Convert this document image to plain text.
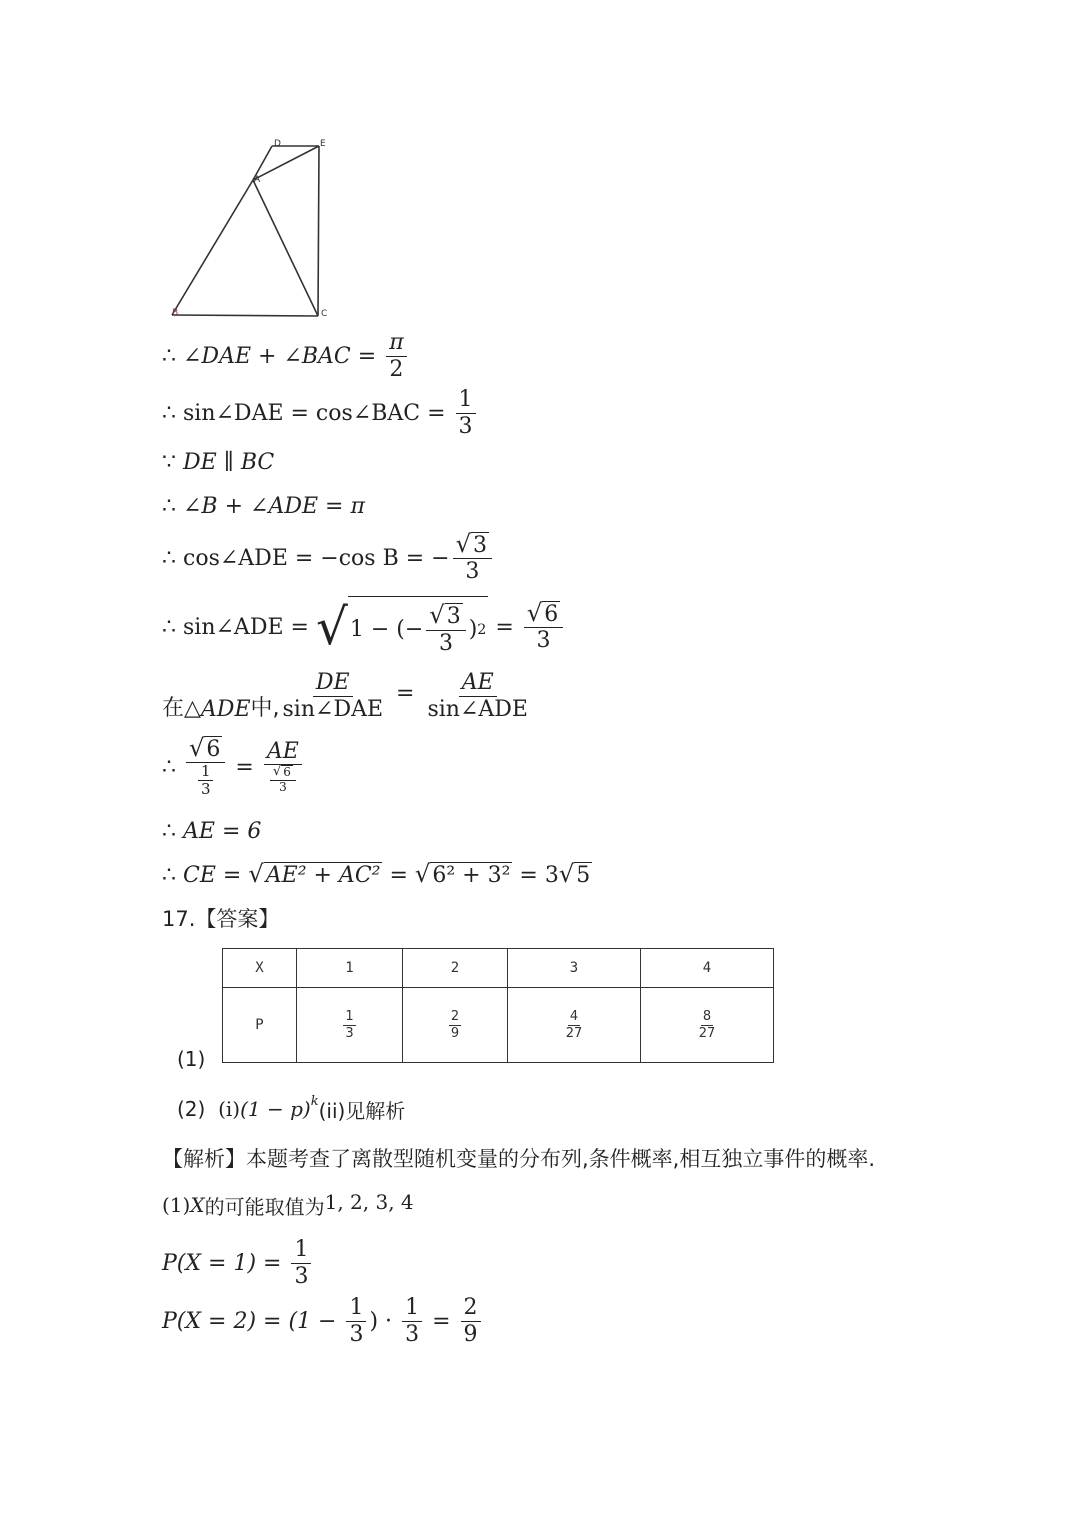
D	E
A
B	C
∴
∠DAE + ∠BAC =
$\frac{\pi}{2}$
∴
sin∠DAE = cos∠BAC =
$\frac{1}{3}$
∵
DE ∥ BC
∴
∠B + ∠ADE = π
∴
cos∠ADE = −cos B = − $\frac{√ 3}{3}$
∴
sin∠ADE =
√ 1 − (− $\frac{√ 3}{3}$ ) 2
=
$\frac{√ 6}{3}$
在△ ADE 中, $\frac{DE}{\text{sin∠DAE}}$
=
$\frac{AE}{\text{sin∠ADE}}$
∴
$\frac{√ 6}{\frac{1}{3}}$
=
$\frac{AE}{\frac{√ 6}{3}}$
∴
AE = 6
∴
CE =
√ AE² + AC²
=
√ 6² + 3²
=
3 √ 5
17.【答案】
X	1	2	3	4
P	$\frac{1}{3}$	$\frac{2}{9}$	$\frac{4}{27}$	$\frac{8}{27}$
(1)
(2)
(i) $(1 - p)^k$ (ii)见解析
【解析】本题考查了离散型随机变量的分布列,条件概率,相互独立事件的概率.
(1) X 的可能取值为 1, 2, 3, 4
P(X = 1) =
$\frac{1}{3}$
P(X = 2) = (1 −
$\frac{1}{3}$ ) ·
$\frac{1}{3}$
=
$\frac{2}{9}$
